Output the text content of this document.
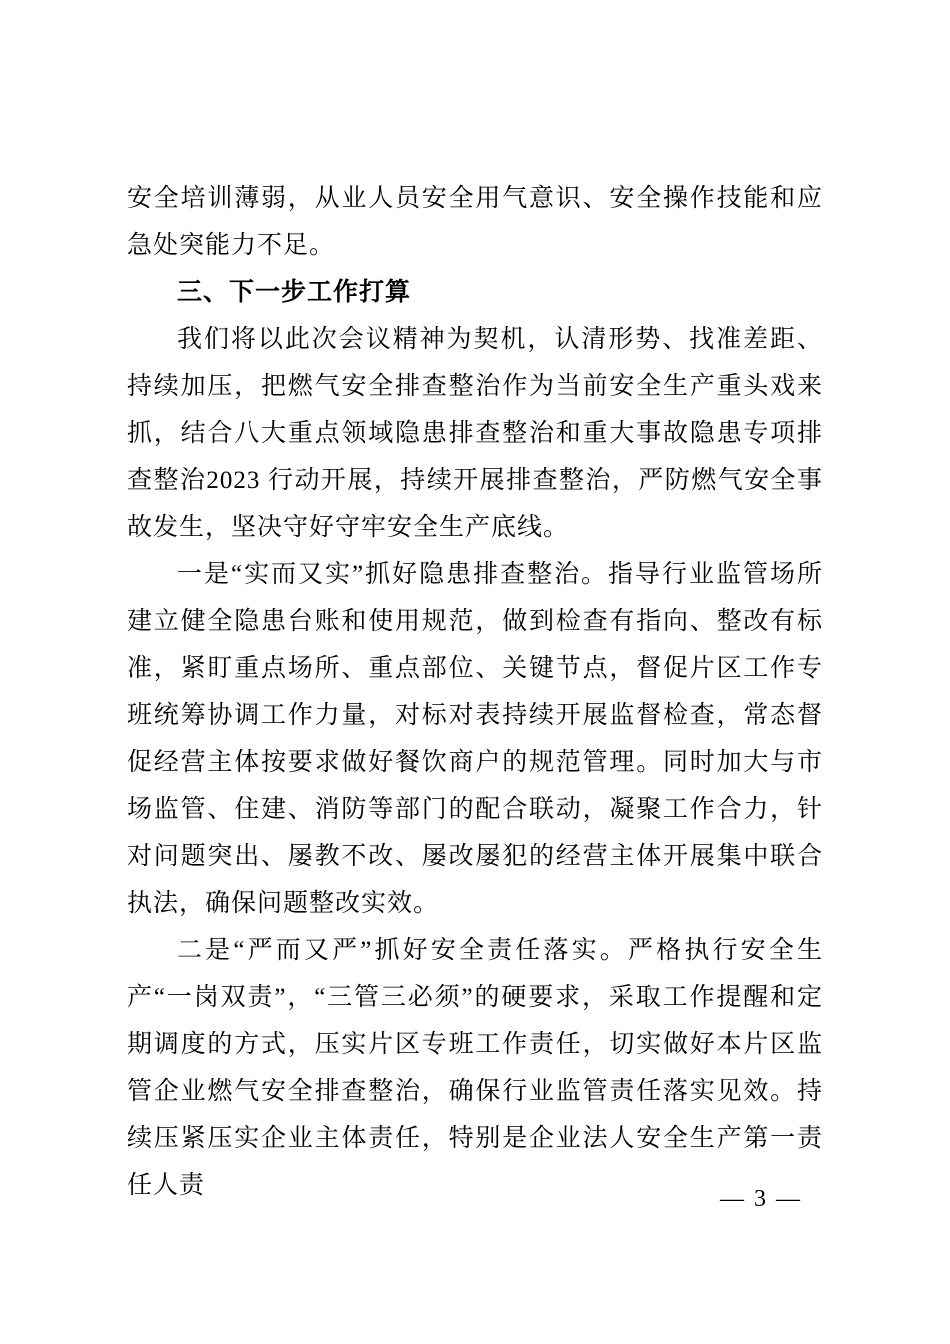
安全培训薄弱，从业人员安全用气意识、安全操作技能和应急处突能力不足。

三、下一步工作打算

我们将以此次会议精神为契机，认清形势、找准差距、持续加压，把燃气安全排查整治作为当前安全生产重头戏来抓，结合八大重点领域隐患排查整治和重大事故隐患专项排查整治2023 行动开展，持续开展排查整治，严防燃气安全事故发生，坚决守好守牢安全生产底线。

一是“实而又实”抓好隐患排查整治。指导行业监管场所建立健全隐患台账和使用规范，做到检查有指向、整改有标准，紧盯重点场所、重点部位、关键节点，督促片区工作专班统筹协调工作力量，对标对表持续开展监督检查，常态督促经营主体按要求做好餐饮商户的规范管理。同时加大与市场监管、住建、消防等部门的配合联动，凝聚工作合力，针对问题突出、屡教不改、屡改屡犯的经营主体开展集中联合执法，确保问题整改实效。

二是“严而又严”抓好安全责任落实。严格执行安全生产“一岗双责”，“三管三必须”的硬要求，采取工作提醒和定期调度的方式，压实片区专班工作责任，切实做好本片区监管企业燃气安全排查整治，确保行业监管责任落实见效。持续压紧压实企业主体责任，特别是企业法人安全生产第一责任人责	— 3 —
